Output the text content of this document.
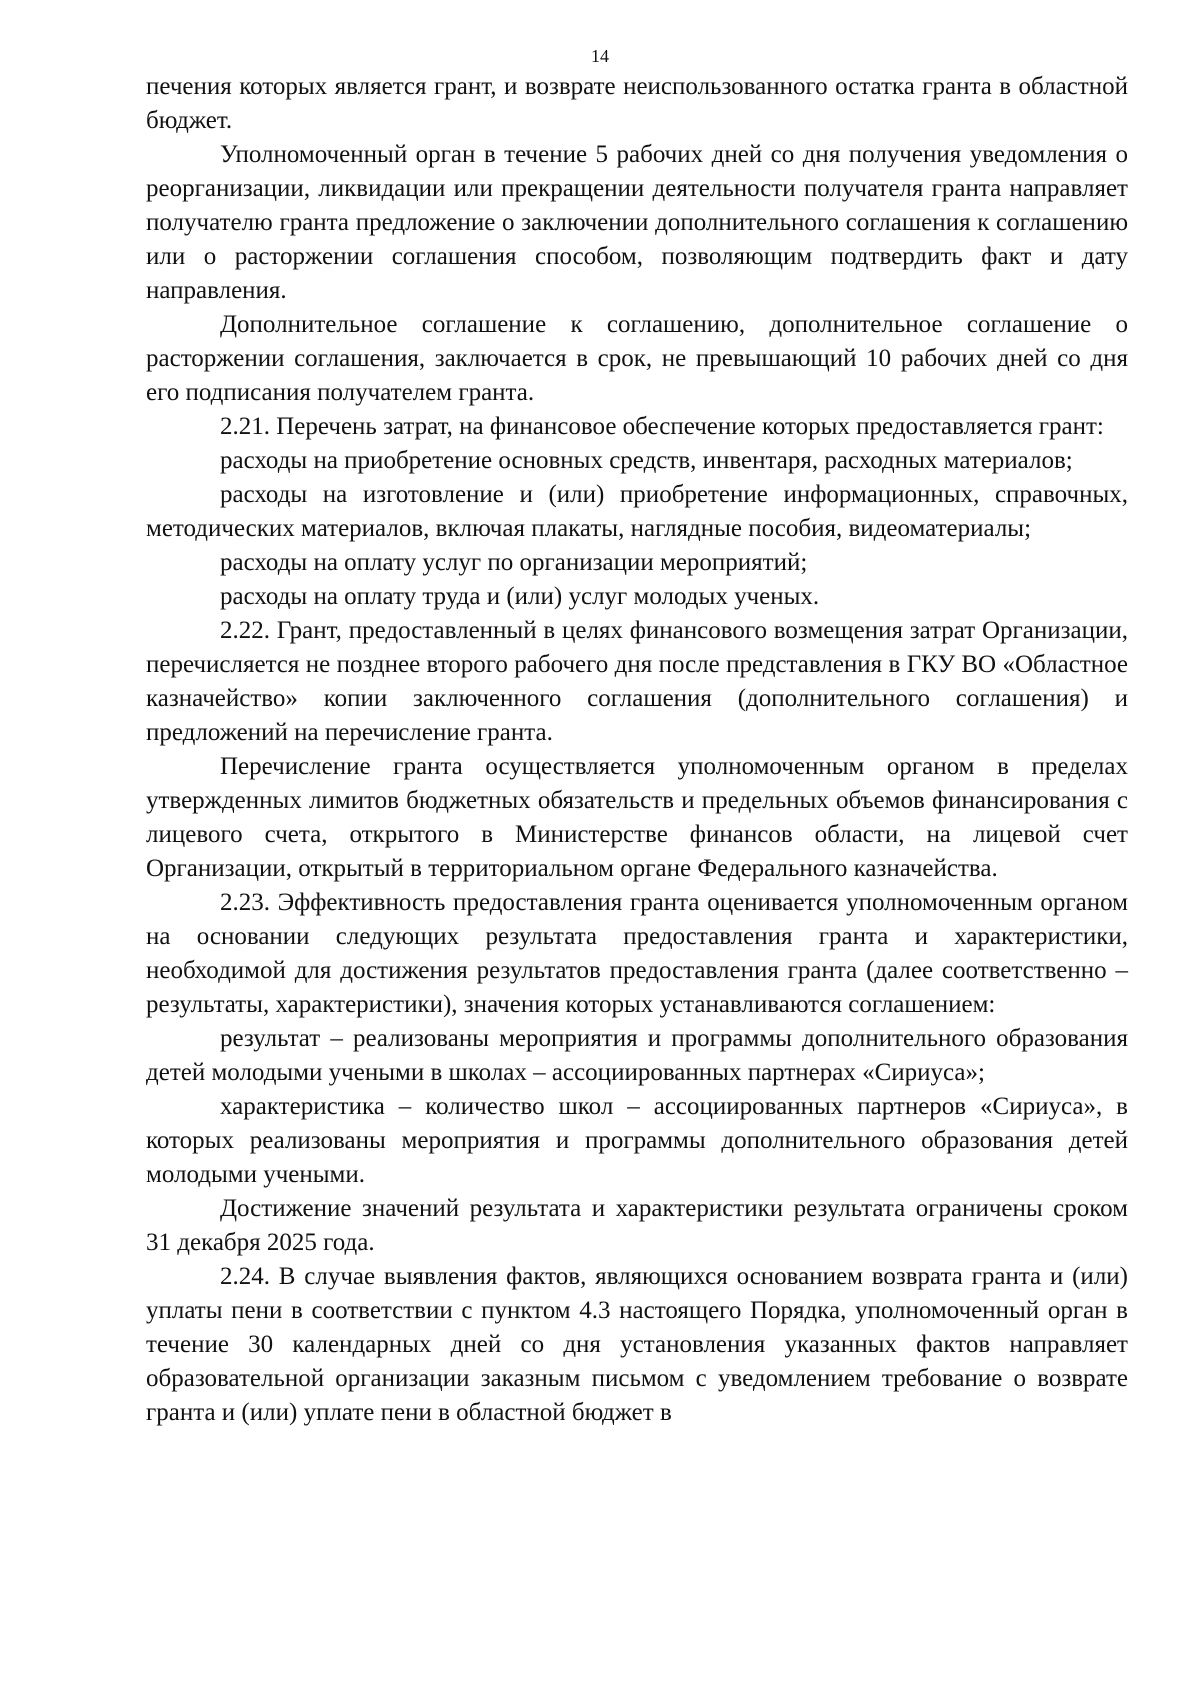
14

печения которых является грант, и возврате неиспользованного остатка гранта в областной бюджет.

Уполномоченный орган в течение 5 рабочих дней со дня получения уведомления о реорганизации, ликвидации или прекращении деятельности получателя гранта направляет получателю гранта предложение о заключении дополнительного соглашения к соглашению или о расторжении соглашения способом, позволяющим подтвердить факт и дату направления.

Дополнительное соглашение к соглашению, дополнительное соглашение о расторжении соглашения, заключается в срок, не превышающий 10 рабочих дней со дня его подписания получателем гранта.

2.21. Перечень затрат, на финансовое обеспечение которых предоставляется грант:

расходы на приобретение основных средств, инвентаря, расходных материалов;

расходы на изготовление и (или) приобретение информационных, справочных, методических материалов, включая плакаты, наглядные пособия, видеоматериалы;

расходы на оплату услуг по организации мероприятий;

расходы на оплату труда и (или) услуг молодых ученых.

2.22. Грант, предоставленный в целях финансового возмещения затрат Организации, перечисляется не позднее второго рабочего дня после представления в ГКУ ВО «Областное казначейство» копии заключенного соглашения (дополнительного соглашения) и предложений на перечисление гранта.

Перечисление гранта осуществляется уполномоченным органом в пределах утвержденных лимитов бюджетных обязательств и предельных объемов финансирования с лицевого счета, открытого в Министерстве финансов области, на лицевой счет Организации, открытый в территориальном органе Федерального казначейства.

2.23. Эффективность предоставления гранта оценивается уполномоченным органом на основании следующих результата предоставления гранта и характеристики, необходимой для достижения результатов предоставления гранта (далее соответственно – результаты, характеристики), значения которых устанавливаются соглашением:

результат – реализованы мероприятия и программы дополнительного образования детей молодыми учеными в школах – ассоциированных партнерах «Сириуса»;

характеристика – количество школ – ассоциированных партнеров «Сириуса», в которых реализованы мероприятия и программы дополнительного образования детей молодыми учеными.

Достижение значений результата и характеристики результата ограничены сроком 31 декабря 2025 года.

2.24. В случае выявления фактов, являющихся основанием возврата гранта и (или) уплаты пени в соответствии с пунктом 4.3 настоящего Порядка, уполномоченный орган в течение 30 календарных дней со дня установления указанных фактов направляет образовательной организации заказным письмом с уведомлением требование о возврате гранта и (или) уплате пени в областной бюджет в
